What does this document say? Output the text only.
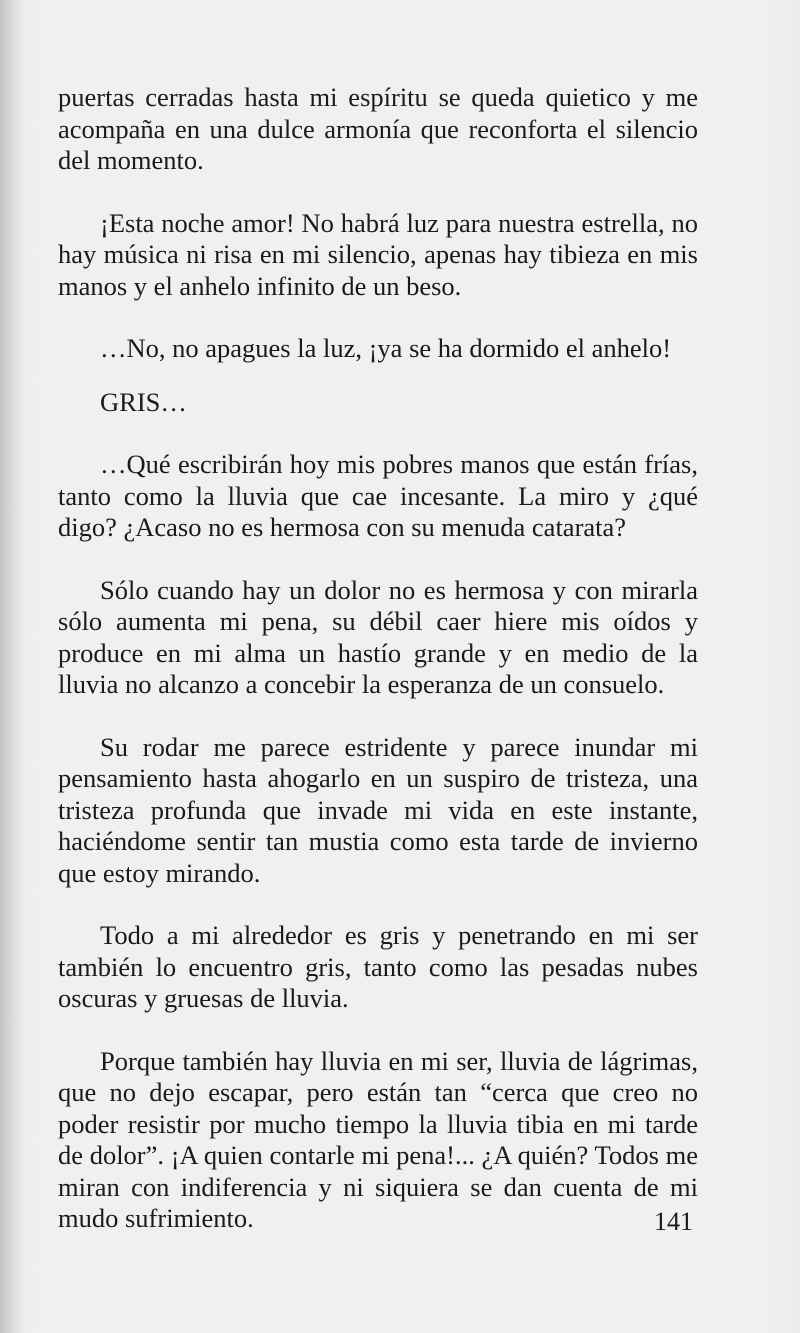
puertas cerradas hasta mi espíritu se queda quietico y me acompaña en una dulce armonía que reconforta el silencio del momento.

¡Esta noche amor! No habrá luz para nuestra estrella, no hay música ni risa en mi silencio, apenas hay tibieza en mis manos y el anhelo infinito de un beso.

…No, no apagues la luz, ¡ya se ha dormido el anhelo!

GRIS…

…Qué escribirán hoy mis pobres manos que están frías, tanto como la lluvia que cae incesante. La miro y ¿qué digo? ¿Acaso no es hermosa con su menuda catarata?

Sólo cuando hay un dolor no es hermosa y con mirarla sólo aumenta mi pena, su débil caer hiere mis oídos y produce en mi alma un hastío grande y en medio de la lluvia no alcanzo a concebir la esperanza de un consuelo.

Su rodar me parece estridente y parece inundar mi pensamiento hasta ahogarlo en un suspiro de tristeza, una tristeza profunda que invade mi vida en este instante, haciéndome sentir tan mustia como esta tarde de invierno que estoy mirando.

Todo a mi alrededor es gris y penetrando en mi ser también lo encuentro gris, tanto como las pesadas nubes oscuras y gruesas de lluvia.

Porque también hay lluvia en mi ser, lluvia de lágrimas, que no dejo escapar, pero están tan “cerca que creo no poder resistir por mucho tiempo la lluvia tibia en mi tarde de dolor”. ¡A quien contarle mi pena!... ¿A quién? Todos me miran con indiferencia y ni siquiera se dan cuenta de mi mudo sufrimiento.	141
